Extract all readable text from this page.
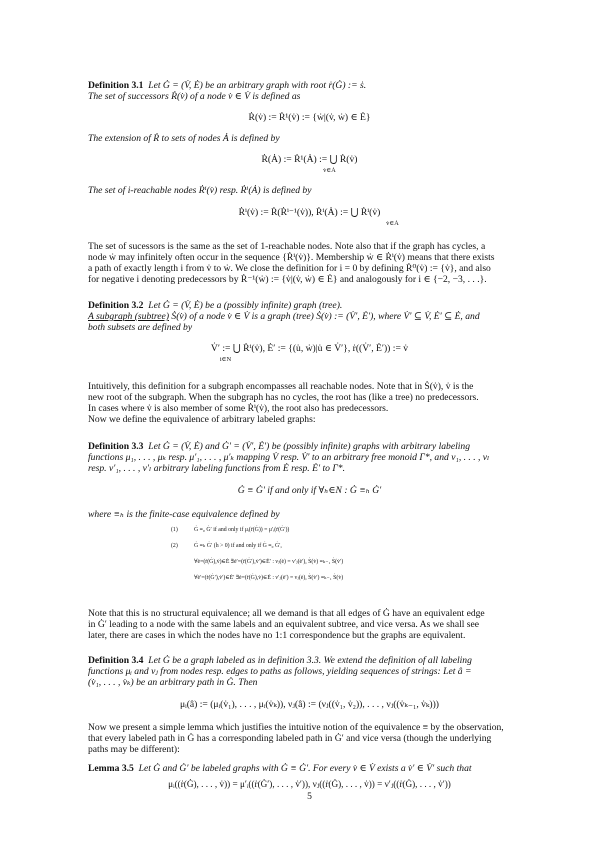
Definition 3.1 Let Ġ = (V̇, Ė) be an arbitrary graph with root ṙ(Ġ) := ṡ.
The set of successors Ṙ(v̇) of a node v̇ ∈ V̇ is defined as
Ṙ(v̇) := Ṙ¹(v̇) := {ẇ|(v̇, ẇ) ∈ Ė}
The extension of Ṙ to sets of nodes Ȧ is defined by
Ṙ(Ȧ) := Ṙ¹(Ȧ) := ⋃ Ṙ(v̇)
v̇∈Ȧ
The set of i-reachable nodes Ṙⁱ(v̇) resp. Ṙⁱ(Ȧ) is defined by
Ṙⁱ(v̇) := Ṙ(Ṙⁱ⁻¹(v̇)), Ṙⁱ(Ȧ) := ⋃ Ṙⁱ(v̇)
v̇∈Ȧ
The set of sucessors is the same as the set of 1-reachable nodes. Note also that if the graph has cycles, a
node ẇ may infinitely often occur in the sequence {Ṙⁱ(v̇)}. Membership ẇ ∈ Ṙⁱ(v̇) means that there exists
a path of exactly length i from v̇ to ẇ. We close the definition for i = 0 by defining Ṙ⁰(v̇) := {v̇}, and also
for negative i denoting predecessors by Ṙ⁻¹(ẇ) := {v̇|(v̇, ẇ) ∈ Ė} and analogously for i ∈ {−2, −3, . . .}.
Definition 3.2 Let Ġ = (V̇, Ė) be a (possibly infinite) graph (tree).
A subgraph (subtree) Ṡ(v̇) of a node v̇ ∈ V̇ is a graph (tree) Ṡ(v̇) := (V̇′, Ė′), where V̇′ ⊆ V̇, Ė′ ⊆ Ė, and
both subsets are defined by
V̇′ := ⋃ Ṙⁱ(v̇), Ė′ := {(u̇, ẇ)|u̇ ∈ V̇′}, ṙ((V̇′, Ė′)) := v̇
i∈N
Intuitively, this definition for a subgraph encompasses all reachable nodes. Note that in Ṡ(v̇), v̇ is the
new root of the subgraph. When the subgraph has no cycles, the root has (like a tree) no predecessors.
In cases where v̇ is also member of some Ṙⁱ(v̇), the root also has predecessors.
Now we define the equivalence of arbitrary labeled graphs:
Definition 3.3 Let Ġ = (V̇, Ė) and Ġ′ = (V̇′, Ė′) be (possibly infinite) graphs with arbitrary labeling
functions μ₁, . . . , μₖ resp. μ′₁, . . . , μ′ₖ mapping V̇ resp. V̇′ to an arbitrary free monoid Γ*, and ν₁, . . . , νₗ
resp. ν′₁, . . . , ν′ₗ arbitrary labeling functions from Ė resp. Ė′ to Γ*.
Ġ ≡ Ġ′ if and only if ∀ₕ∈N : Ġ ≡ₕ Ġ′
where ≡ₕ is the finite-case equivalence defined by
(1)	Ġ ≡₀ Ġ′ if and only if μᵢ(ṙ(Ġ)) = μ′ᵢ(ṙ(Ġ′))
(2)	Ġ ≡ₕ Ġ′ (h > 0) if and only if Ġ ≡₀ Ġ′,
∀ė=(ṙ(Ġ),v̇)∈Ė ∃ė′=(ṙ(Ġ′),v̇′)∈Ė′ : νⱼ(ė) = ν′ⱼ(ė′), Ṡ(v̇) ≡ₕ₋₁ Ṡ(v̇′)
∀ė′=(ṙ(Ġ′),v̇′)∈Ė′ ∃ė=(ṙ(Ġ),v̇)∈Ė : ν′ⱼ(ė′) = νⱼ(ė), Ṡ(v̇′) ≡ₕ₋₁ Ṡ(v̇)
Note that this is no structural equivalence; all we demand is that all edges of Ġ have an equivalent edge
in Ġ′ leading to a node with the same labels and an equivalent subtree, and vice versa. As we shall see
later, there are cases in which the nodes have no 1:1 correspondence but the graphs are equivalent.
Definition 3.4 Let Ġ be a graph labeled as in definition 3.3. We extend the definition of all labeling
functions μᵢ and νⱼ from nodes resp. edges to paths as follows, yielding sequences of strings: Let â =
(v̇₁, . . . , v̇ₖ) be an arbitrary path in Ġ. Then
μᵢ(â) := (μᵢ(v̇₁), . . . , μᵢ(v̇ₖ)), νⱼ(â) := (νⱼ((v̇₁, v̇₂)), . . . , νⱼ((v̇ₖ₋₁, v̇ₖ)))
Now we present a simple lemma which justifies the intuitive notion of the equivalence ≡ by the observation,
that every labeled path in Ġ has a corresponding labeled path in Ġ′ and vice versa (though the underlying
paths may be different):
Lemma 3.5 Let Ġ and Ġ′ be labeled graphs with Ġ ≡ Ġ′. For every v̇ ∈ V̇ exists a v̇′ ∈ V̇′ such that
μᵢ((ṙ(Ġ), . . . , v̇)) = μ′ᵢ((ṙ(Ġ′), . . . , v̇′)), νⱼ((ṙ(Ġ), . . . , v̇)) = ν′ⱼ((ṙ(Ġ), . . . , v̇′))
5
